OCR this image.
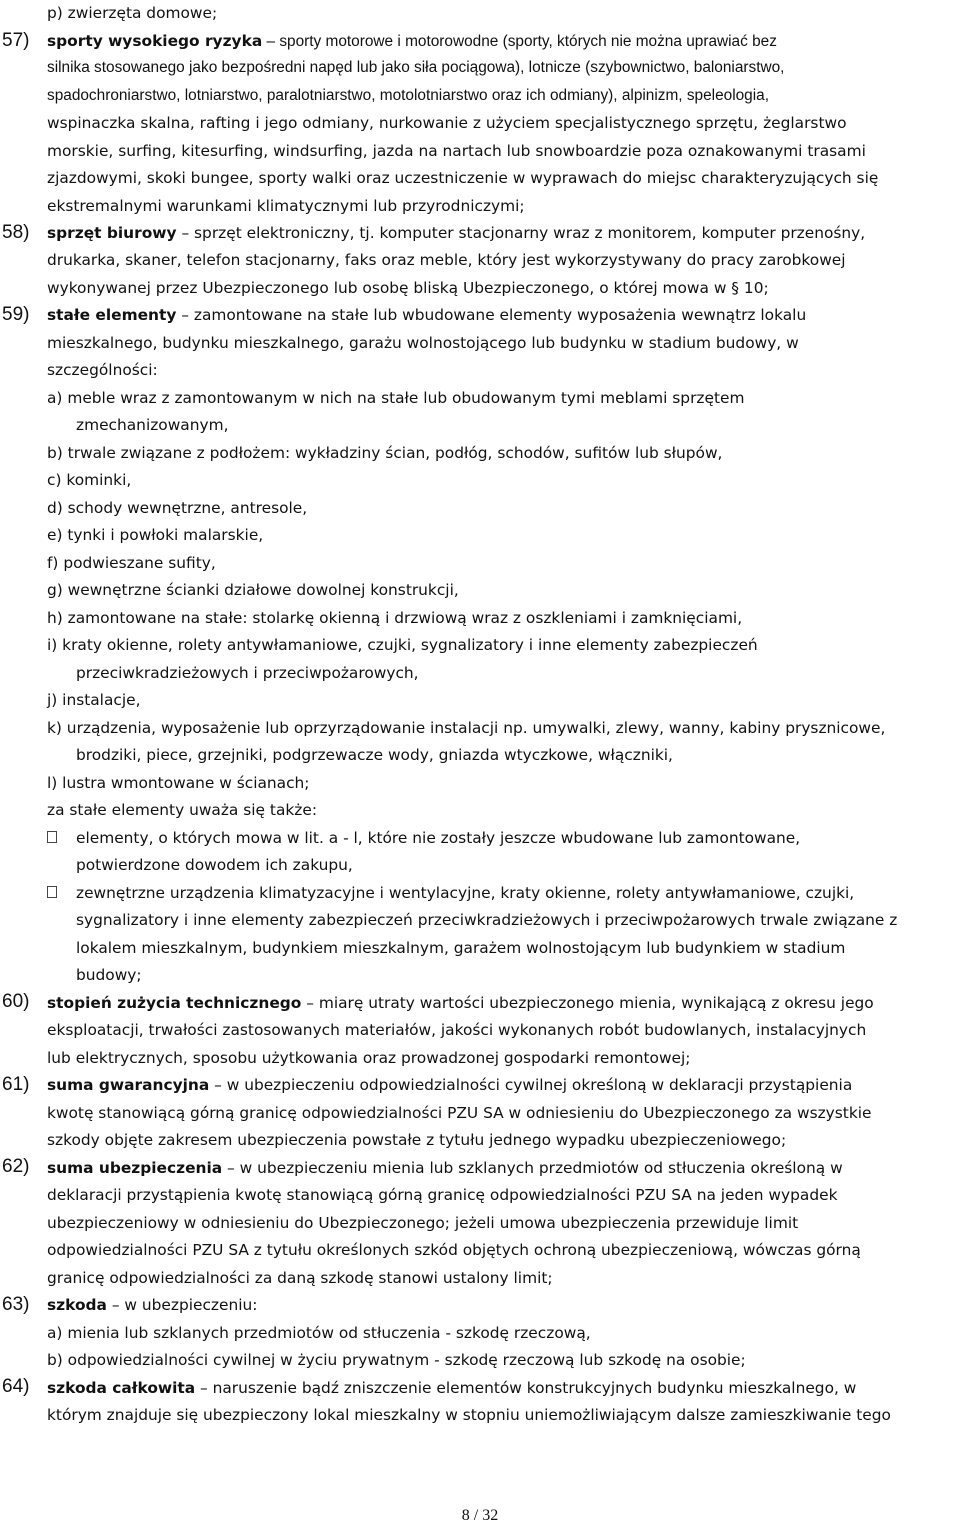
p) zwierzęta domowe;
57) sporty wysokiego ryzyka – sporty motorowe i motorowodne (sporty, których nie można uprawiać bez
silnika stosowanego jako bezpośredni napęd lub jako siła pociągowa), lotnicze (szybownictwo, baloniarstwo,
spadochroniarstwo, lotniarstwo, paralotniarstwo, motolotniarstwo oraz ich odmiany), alpinizm, speleologia,
wspinaczka skalna, rafting i jego odmiany, nurkowanie z użyciem specjalistycznego sprzętu, żeglarstwo
morskie, surfing, kitesurfing, windsurfing, jazda na nartach lub snowboardzie poza oznakowanymi trasami
zjazdowymi, skoki bungee, sporty walki oraz uczestniczenie w wyprawach do miejsc charakteryzujących się
ekstremalnymi warunkami klimatycznymi lub przyrodniczymi;
58) sprzęt biurowy – sprzęt elektroniczny, tj. komputer stacjonarny wraz z monitorem, komputer przenośny,
drukarka, skaner, telefon stacjonarny, faks oraz meble, który jest wykorzystywany do pracy zarobkowej
wykonywanej przez Ubezpieczonego lub osobę bliską Ubezpieczonego, o której mowa w § 10;
59) stałe elementy – zamontowane na stałe lub wbudowane elementy wyposażenia wewnątrz lokalu
mieszkalnego, budynku mieszkalnego, garażu wolnostojącego lub budynku w stadium budowy, w
szczególności:
a) meble wraz z zamontowanym w nich na stałe lub obudowanym tymi meblami sprzętem
zmechanizowanym,
b) trwale związane z podłożem: wykładziny ścian, podłóg, schodów, sufitów lub słupów,
c) kominki,
d) schody wewnętrzne, antresole,
e) tynki i powłoki malarskie,
f) podwieszane sufity,
g) wewnętrzne ścianki działowe dowolnej konstrukcji,
h) zamontowane na stałe: stolarkę okienną i drzwiową wraz z oszkleniami i zamknięciami,
i) kraty okienne, rolety antywłamaniowe, czujki, sygnalizatory i inne elementy zabezpieczeń
przeciwkradzieżowych i przeciwpożarowych,
j) instalacje,
k) urządzenia, wyposażenie lub oprzyrządowanie instalacji np. umywalki, zlewy, wanny, kabiny prysznicowe,
brodziki, piece, grzejniki, podgrzewacze wody, gniazda wtyczkowe, włączniki,
l) lustra wmontowane w ścianach;
za stałe elementy uważa się także:
elementy, o których mowa w lit. a - l, które nie zostały jeszcze wbudowane lub zamontowane,
potwierdzone dowodem ich zakupu,
zewnętrzne urządzenia klimatyzacyjne i wentylacyjne, kraty okienne, rolety antywłamaniowe, czujki,
sygnalizatory i inne elementy zabezpieczeń przeciwkradzieżowych i przeciwpożarowych trwale związane z
lokalem mieszkalnym, budynkiem mieszkalnym, garażem wolnostojącym lub budynkiem w stadium
budowy;
60) stopień zużycia technicznego – miarę utraty wartości ubezpieczonego mienia, wynikającą z okresu jego
eksploatacji, trwałości zastosowanych materiałów, jakości wykonanych robót budowlanych, instalacyjnych
lub elektrycznych, sposobu użytkowania oraz prowadzonej gospodarki remontowej;
61) suma gwarancyjna – w ubezpieczeniu odpowiedzialności cywilnej określoną w deklaracji przystąpienia
kwotę stanowiącą górną granicę odpowiedzialności PZU SA w odniesieniu do Ubezpieczonego za wszystkie
szkody objęte zakresem ubezpieczenia powstałe z tytułu jednego wypadku ubezpieczeniowego;
62) suma ubezpieczenia – w ubezpieczeniu mienia lub szklanych przedmiotów od stłuczenia określoną w
deklaracji przystąpienia kwotę stanowiącą górną granicę odpowiedzialności PZU SA na jeden wypadek
ubezpieczeniowy w odniesieniu do Ubezpieczonego; jeżeli umowa ubezpieczenia przewiduje limit
odpowiedzialności PZU SA z tytułu określonych szkód objętych ochroną ubezpieczeniową, wówczas górną
granicę odpowiedzialności za daną szkodę stanowi ustalony limit;
63) szkoda – w ubezpieczeniu:
a) mienia lub szklanych przedmiotów od stłuczenia - szkodę rzeczową,
b) odpowiedzialności cywilnej w życiu prywatnym - szkodę rzeczową lub szkodę na osobie;
64) szkoda całkowita – naruszenie bądź zniszczenie elementów konstrukcyjnych budynku mieszkalnego, w
którym znajduje się ubezpieczony lokal mieszkalny w stopniu uniemożliwiającym dalsze zamieszkiwanie tego
8 / 32
